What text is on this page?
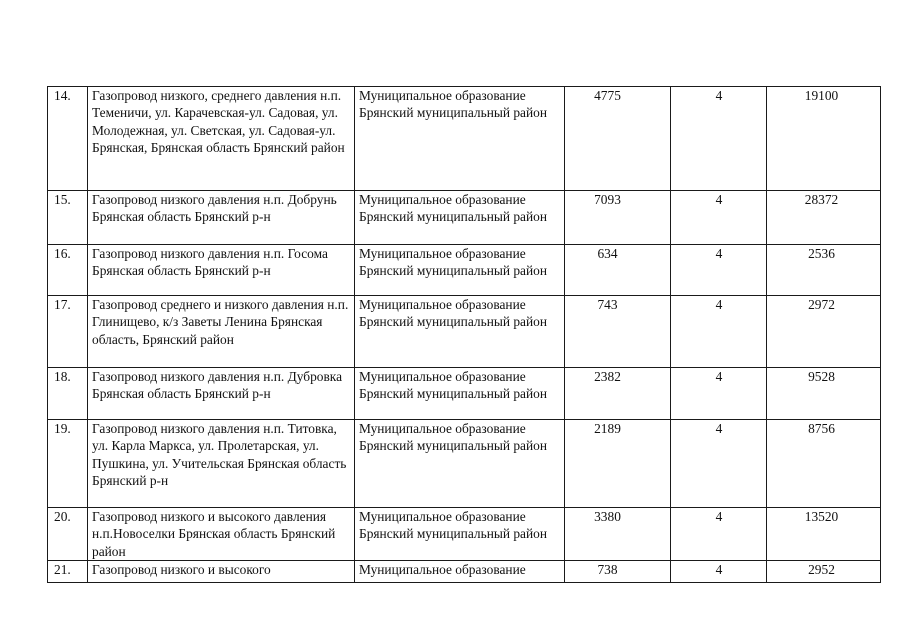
14.	Газопровод низкого, среднего давления н.п. Теменичи, ул. Карачевская-ул. Садовая, ул. Молодежная, ул. Светская, ул. Садовая-ул. Брянская, Брянская область Брянский район	Муниципальное образование Брянский муниципальный район	4775	4	19100
15.	Газопровод низкого давления н.п. Добрунь Брянская область Брянский р-н	Муниципальное образование Брянский муниципальный район	7093	4	28372
16.	Газопровод низкого давления н.п. Госома Брянская область Брянский р-н	Муниципальное образование Брянский муниципальный район	634	4	2536
17.	Газопровод среднего и низкого давления н.п. Глинищево, к/з Заветы Ленина Брянская область, Брянский район	Муниципальное образование Брянский муниципальный район	743	4	2972
18.	Газопровод низкого давления н.п. Дубровка Брянская область Брянский р-н	Муниципальное образование Брянский муниципальный район	2382	4	9528
19.	Газопровод низкого давления н.п. Титовка, ул. Карла Маркса, ул. Пролетарская, ул. Пушкина, ул. Учительская Брянская область Брянский р-н	Муниципальное образование Брянский муниципальный район	2189	4	8756
20.	Газопровод низкого и высокого давления н.п.Новоселки Брянская область Брянский район	Муниципальное образование Брянский муниципальный район	3380	4	13520
21.	Газопровод низкого и высокого	Муниципальное образование	738	4	2952
